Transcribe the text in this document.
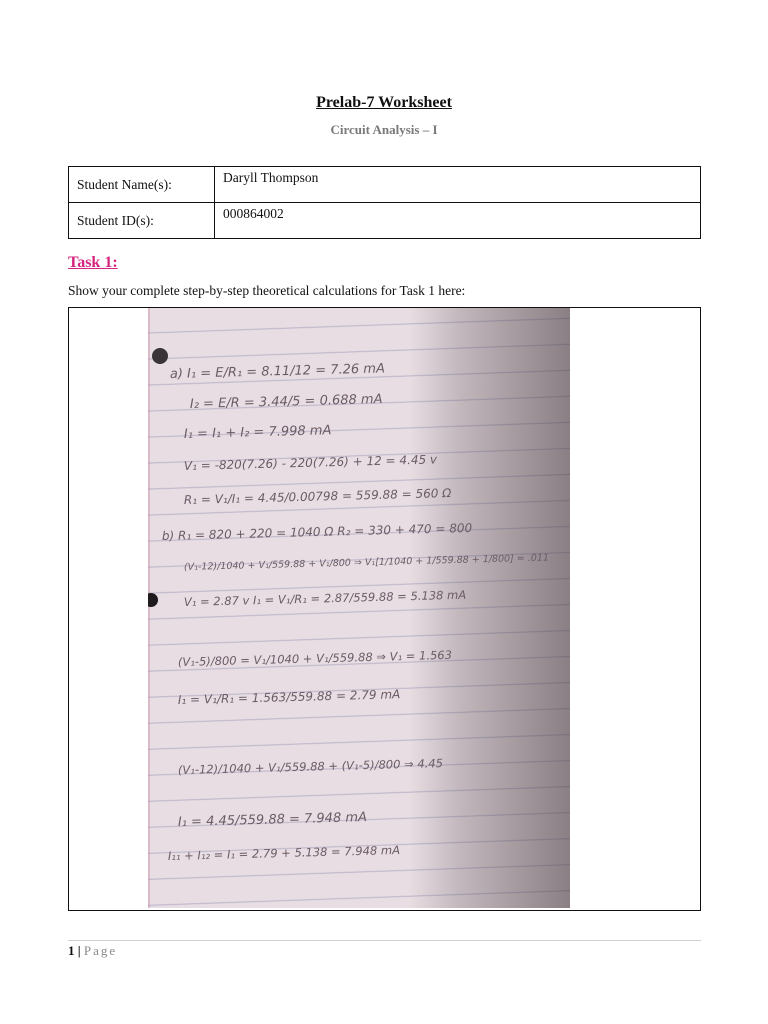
Prelab-7 Worksheet
Circuit Analysis – I
Student Name(s):	Daryll Thompson
Student ID(s):	000864002
Task 1:
Show your complete step-by-step theoretical calculations for Task 1 here:
a) I₁ = E/R₁ = 8.11/12 = 7.26 mA
I₂ = E/R = 3.44/5 = 0.688 mA
I₁ = I₁ + I₂ = 7.998 mA
V₁ = -820(7.26) - 220(7.26) + 12 = 4.45 v
R₁ = V₁/I₁ = 4.45/0.00798 = 559.88 = 560 Ω
b) R₁ = 820 + 220 = 1040 Ω R₂ = 330 + 470 = 800
(V₁-12)/1040 + V₁/559.88 + V₁/800 ⇒ V₁[1/1040 + 1/559.88 + 1/800] = .011
V₁ = 2.87 v I₁ = V₁/R₁ = 2.87/559.88 = 5.138 mA
(V₁-5)/800 = V₁/1040 + V₁/559.88 ⇒ V₁ = 1.563
I₁ = V₁/R₁ = 1.563/559.88 = 2.79 mA
(V₁-12)/1040 + V₁/559.88 + (V₁-5)/800 ⇒ 4.45
I₁ = 4.45/559.88 = 7.948 mA
I₁₁ + I₁₂ = I₁ = 2.79 + 5.138 = 7.948 mA
1 | Page
